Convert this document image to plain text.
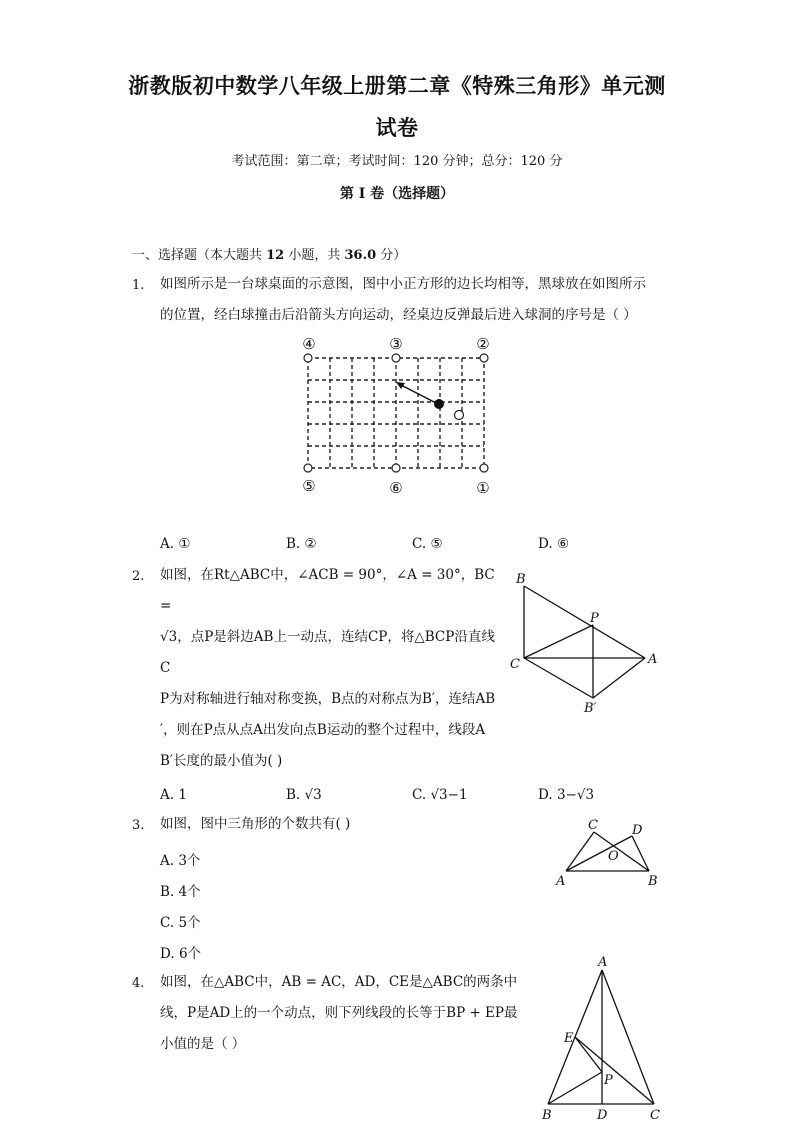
浙教版初中数学八年级上册第二章《特殊三角形》单元测
试卷
考试范围：第二章；考试时间：120 分钟；总分：120 分
第 I 卷（选择题）
一、选择题（本大题共 12 小题，共 36.0 分）
1. 如图所示是一台球桌面的示意图，图中小正方形的边长均相等，黑球放在如图所示
的位置，经白球撞击后沿箭头方向运动，经桌边反弹最后进入球洞的序号是（ ）
④	③	②
⑤	⑥	①
A. ①	B. ②	C. ⑤	D. ⑥
2. 如图，在Rt△ABC中，∠ACB = 90°，∠A = 30°，BC =
√3，点P是斜边AB上一动点，连结CP，将△BCP沿直线C
P为对称轴进行轴对称变换，B点的对称点为B′，连结AB
′，则在P点从点A出发向点B运动的整个过程中，线段A
B′长度的最小值为( )
B
P
C	A
B′
A. 1	B. √3	C. √3−1	D. 3−√3
3. 如图，图中三角形的个数共有( )
A. 3个
B. 4个
C. 5个
D. 6个
C	D
O
A	B
4. 如图，在△ABC中，AB = AC，AD，CE是△ABC的两条中
线，P是AD上的一个动点，则下列线段的长等于BP + EP最
小值的是（ ）
A
E
P
B	D	C
